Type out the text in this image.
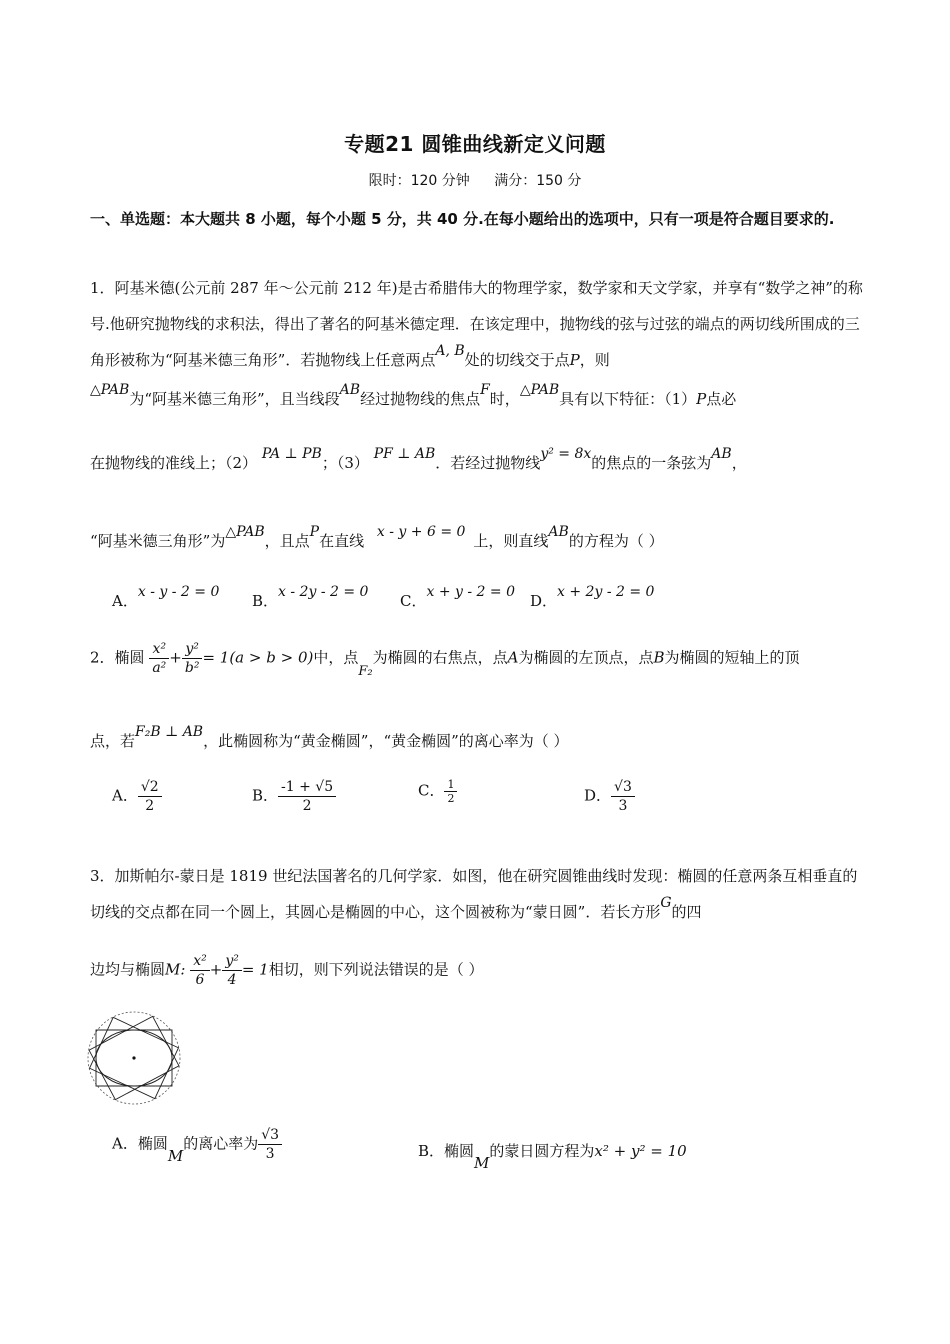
专题21 圆锥曲线新定义问题
限时：120 分钟 满分：150 分
一、单选题：本大题共 8 小题，每个小题 5 分，共 40 分.在每小题给出的选项中，只有一项是符合题目要求的.
1．阿基米德(公元前 287 年～公元前 212 年)是古希腊伟大的物理学家，数学家和天文学家，并享有“数学之神”的称号.他研究抛物线的求积法，得出了著名的阿基米德定理．在该定理中，抛物线的弦与过弦的端点的两切线所围成的三角形被称为“阿基米德三角形”．若抛物线上任意两点A, B处的切线交于点P，则
△PAB为“阿基米德三角形”，且当线段AB经过抛物线的焦点F时，△PAB具有以下特征：（1）P点必
在抛物线的准线上；（2） PA ⊥ PB；（3） PF ⊥ AB．若经过抛物线y² = 8x的焦点的一条弦为AB，
“阿基米德三角形”为△PAB，且点P在直线 x - y + 6 = 0 上，则直线AB的方程为（ ）
A．x - y - 2 = 0 B．x - 2y - 2 = 0 C．x + y - 2 = 0 D．x + 2y - 2 = 0
2．椭圆 $\frac{\text{x²}}{\text{a²}} + \frac{\text{y²}}{\text{b²}} = 1(a > b > 0)$中，点F₂为椭圆的右焦点，点A为椭圆的左顶点，点B为椭圆的短轴上的顶
点，若F₂B ⊥ AB，此椭圆称为“黄金椭圆”，“黄金椭圆”的离心率为（ ）
A． $\frac{√2}{2}$	B． $\frac{-1 + √5}{2}$	C． $\frac{1}{2}$	D． $\frac{√3}{3}$
3．加斯帕尔-蒙日是 1819 世纪法国著名的几何学家．如图，他在研究圆锥曲线时发现：椭圆的任意两条互相垂直的切线的交点都在同一个圆上，其圆心是椭圆的中心，这个圆被称为“蒙日圆”．若长方形G的四
边均与椭圆M: $\frac{\text{x²}}{6} + \frac{\text{y²}}{4} = 1$相切，则下列说法错误的是（ ）
A．椭圆M的离心率为 $\frac{√3}{3}$	B．椭圆M的蒙日圆方程为x² + y² = 10
